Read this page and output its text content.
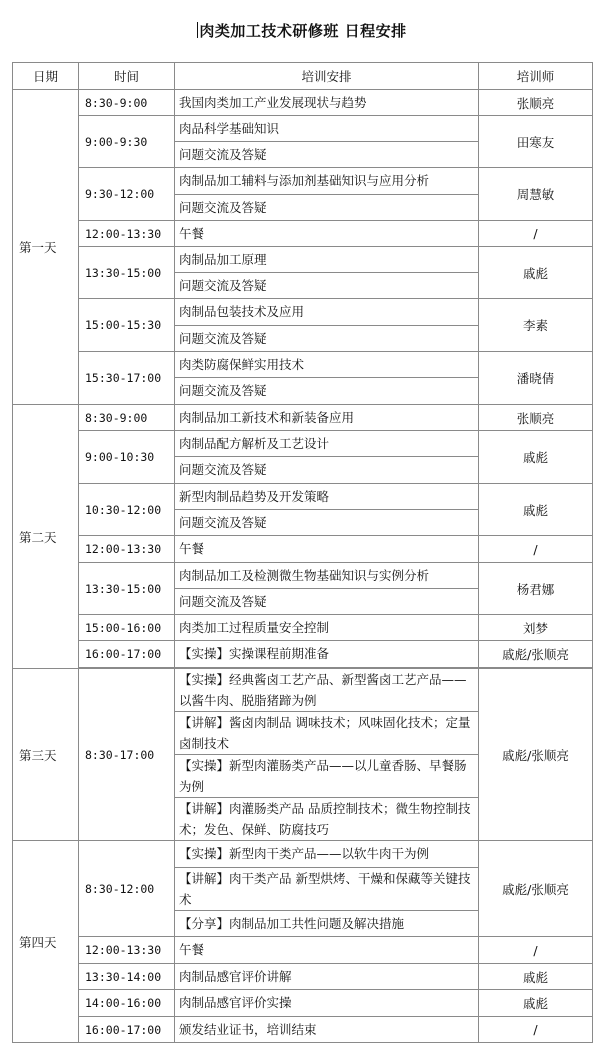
肉类加工技术研修班 日程安排
日期	时间	培训安排	培训师
第一天	8:30-9:00	我国肉类加工产业发展现状与趋势	张顺亮
	9:00-9:30	肉品科学基础知识	田寒友
		问题交流及答疑	
	9:30-12:00	肉制品加工辅料与添加剂基础知识与应用分析	周慧敏
		问题交流及答疑	
	12:00-13:30	午餐	/
	13:30-15:00	肉制品加工原理	戚彪
		问题交流及答疑	
	15:00-15:30	肉制品包装技术及应用	李素
		问题交流及答疑	
	15:30-17:00	肉类防腐保鲜实用技术	潘晓倩
		问题交流及答疑	

第二天	8:30-9:00	肉制品加工新技术和新装备应用	张顺亮
	9:00-10:30	肉制品配方解析及工艺设计	戚彪
		问题交流及答疑	
	10:30-12:00	新型肉制品趋势及开发策略	戚彪
		问题交流及答疑	
	12:00-13:30	午餐	/
	13:30-15:00	肉制品加工及检测微生物基础知识与实例分析	杨君娜
		问题交流及答疑	
	15:00-16:00	肉类加工过程质量安全控制	刘梦
	16:00-17:00	【实操】实操课程前期准备	戚彪/张顺亮

第三天	8:30-17:00	【实操】经典酱卤工艺产品、新型酱卤工艺产品——以酱牛肉、脱脂猪蹄为例	戚彪/张顺亮
		【讲解】酱卤肉制品 调味技术；风味固化技术；定量卤制技术	
		【实操】新型肉灌肠类产品——以儿童香肠、早餐肠为例	
		【讲解】肉灌肠类产品 品质控制技术；微生物控制技术；发色、保鲜、防腐技巧	
第四天	8:30-12:00	【实操】新型肉干类产品——以软牛肉干为例	戚彪/张顺亮
		【讲解】肉干类产品 新型烘烤、干燥和保藏等关键技术	
		【分享】肉制品加工共性问题及解决措施	
	12:00-13:30	午餐	/
	13:30-14:00	肉制品感官评价讲解	戚彪
	14:00-16:00	肉制品感官评价实操	戚彪
	16:00-17:00	颁发结业证书，培训结束	/
